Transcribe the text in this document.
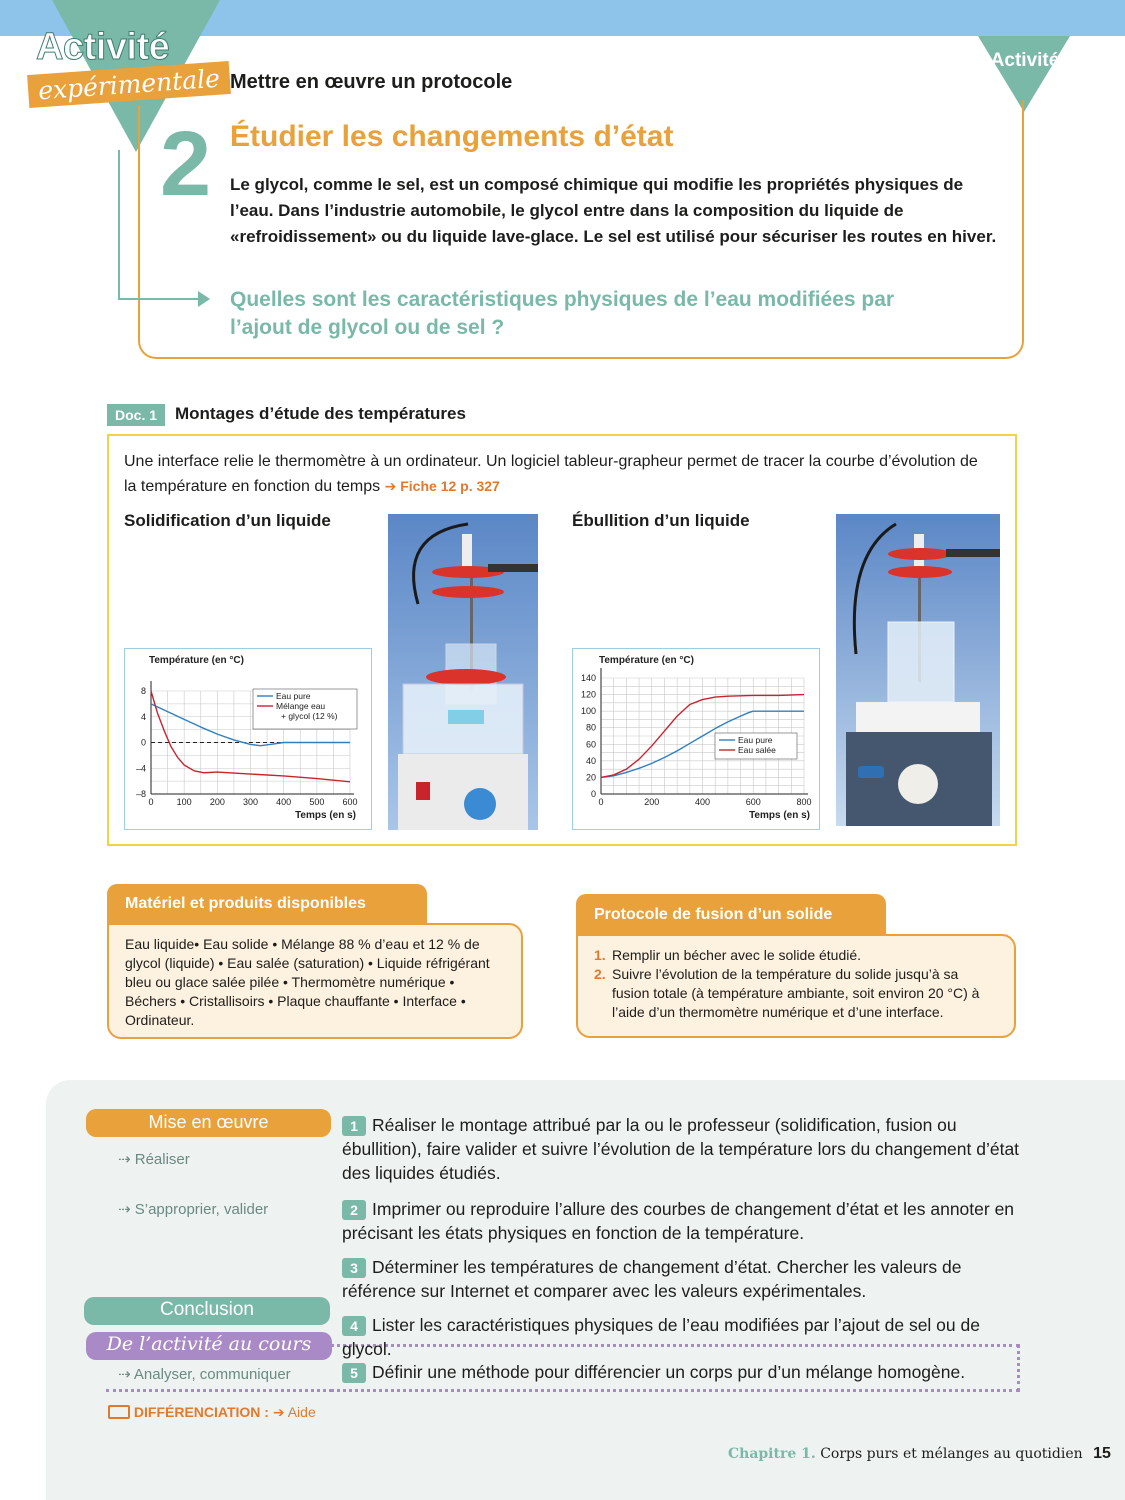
Activité
expérimentale
Activité
Mettre en œuvre un protocole
2 Étudier les changements d’état
Le glycol, comme le sel, est un composé chimique qui modifie les propriétés physiques de l’eau. Dans l’industrie automobile, le glycol entre dans la composition du liquide de «refroidissement» ou du liquide lave-glace. Le sel est utilisé pour sécuriser les routes en hiver.
Quelles sont les caractéristiques physiques de l’eau modifiées par l’ajout de glycol ou de sel ?
Doc. 1	Montages d’étude des températures
Une interface relie le thermomètre à un ordinateur. Un logiciel tableur-grapheur permet de tracer la courbe d’évolution de la température en fonction du temps ➔ Fiche 12 p. 327
Solidification d’un liquide	Ébullition d’un liquide
0	100 200 300 400 500 600
8
4
0
–4
–8
Température (en °C)
Temps (en s)
Eau pure
Mélange eau
+ glycol (12 %)
0	200	400	600	800
140
120
100
80
60
40
20
0
Température (en °C)
Temps (en s)
Eau pure
Eau salée
Matériel et produits disponibles
Eau liquide• Eau solide • Mélange 88 % d’eau et 12 % de glycol (liquide) • Eau salée (saturation) • Liquide réfrigérant bleu ou glace salée pilée • Thermomètre numérique • Béchers • Cristallisoirs • Plaque chauffante • Interface • Ordinateur.
Protocole de fusion d’un solide
1. Remplir un bécher avec le solide étudié.
2. Suivre l’évolution de la température du solide jusqu’à sa fusion totale (à température ambiante, soit environ 20 °C) à l’aide d’un thermomètre numérique et d’une interface.
Mise en œuvre
⇢ Réaliser
⇢ S’approprier, valider
Conclusion
De l’activité au cours
⇢ Analyser, communiquer
DIFFÉRENCIATION : ➔ Aide
1 Réaliser le montage attribué par la ou le professeur (solidification, fusion ou ébullition), faire valider et suivre l’évolution de la température lors du changement d’état des liquides étudiés.
2 Imprimer ou reproduire l’allure des courbes de changement d’état et les annoter en précisant les états physiques en fonction de la température.
3 Déterminer les températures de changement d’état. Chercher les valeurs de référence sur Internet et comparer avec les valeurs expérimentales.
4 Lister les caractéristiques physiques de l’eau modifiées par l’ajout de sel ou de glycol.
5 Définir une méthode pour différencier un corps pur d’un mélange homogène.
Chapitre 1. Corps purs et mélanges au quotidien 15
